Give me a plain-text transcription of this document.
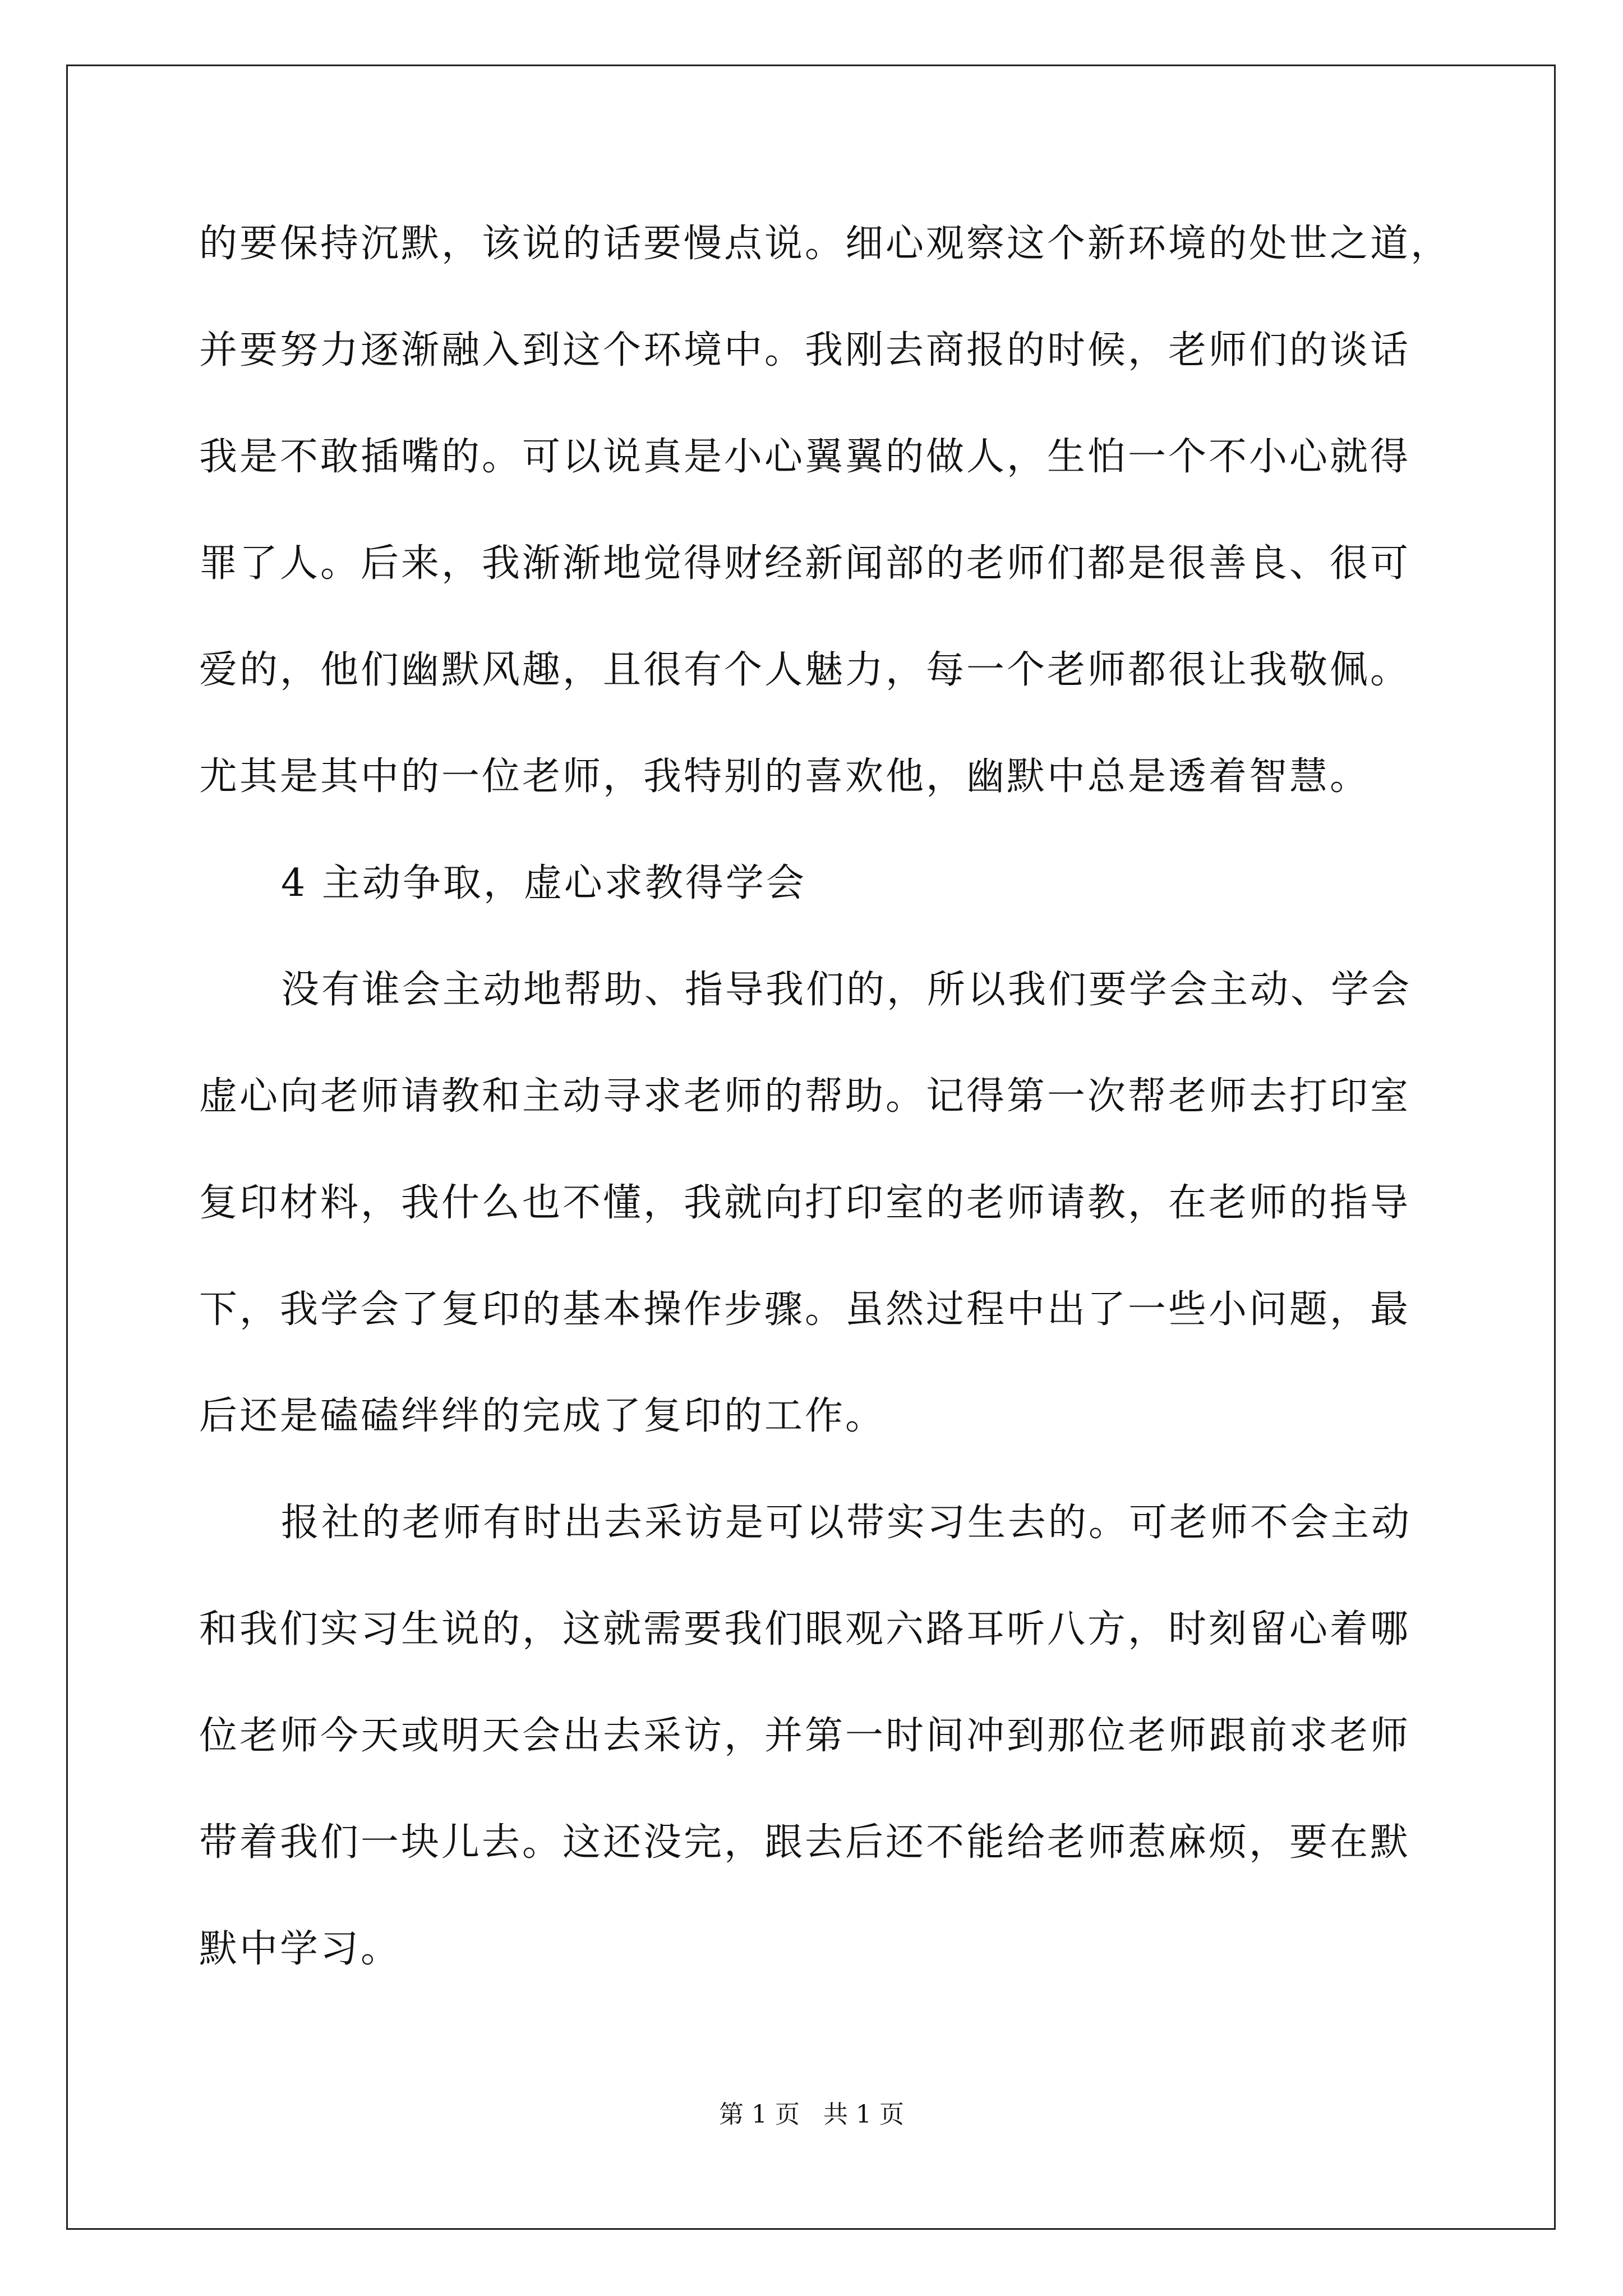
的要保持沉默，该说的话要慢点说。细心观察这个新环境的处世之道，
并要努力逐渐融入到这个环境中。我刚去商报的时候，老师们的谈话
我是不敢插嘴的。可以说真是小心翼翼的做人，生怕一个不小心就得
罪了人。后来，我渐渐地觉得财经新闻部的老师们都是很善良、很可
爱的，他们幽默风趣，且很有个人魅力，每一个老师都很让我敬佩。
尤其是其中的一位老师，我特别的喜欢他，幽默中总是透着智慧。
4 主动争取，虚心求教得学会
没有谁会主动地帮助、指导我们的，所以我们要学会主动、学会
虚心向老师请教和主动寻求老师的帮助。记得第一次帮老师去打印室
复印材料，我什么也不懂，我就向打印室的老师请教，在老师的指导
下，我学会了复印的基本操作步骤。虽然过程中出了一些小问题，最
后还是磕磕绊绊的完成了复印的工作。
报社的老师有时出去采访是可以带实习生去的。可老师不会主动
和我们实习生说的，这就需要我们眼观六路耳听八方，时刻留心着哪
位老师今天或明天会出去采访，并第一时间冲到那位老师跟前求老师
带着我们一块儿去。这还没完，跟去后还不能给老师惹麻烦，要在默
默中学习。
第 1 页 共 1 页
